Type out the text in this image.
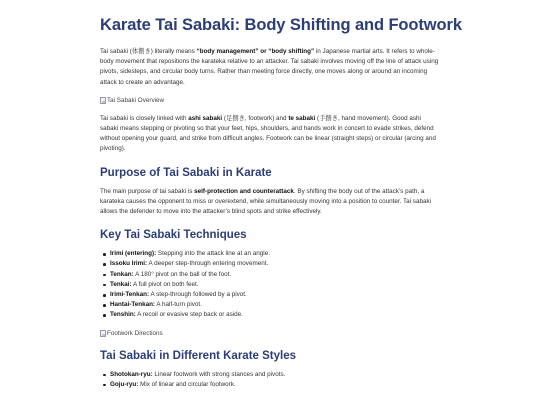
Karate Tai Sabaki: Body Shifting and Footwork

Tai sabaki (体捌き) literally means “body management” or “body shifting” in Japanese martial arts. It refers to whole-body movement that repositions the karateka relative to an attacker. Tai sabaki involves moving off the line of attack using pivots, sidesteps, and circular body turns. Rather than meeting force directly, one moves along or around an incoming attack to create an advantage.

Tai Sabaki Overview

Tai sabaki is closely linked with ashi sabaki (足捌き, footwork) and te sabaki (手捌き, hand movement). Good ashi sabaki means stepping or pivoting so that your feet, hips, shoulders, and hands work in concert to evade strikes, defend without opening your guard, and strike from difficult angles. Footwork can be linear (straight steps) or circular (arcing and pivoting).

Purpose of Tai Sabaki in Karate

The main purpose of tai sabaki is self-protection and counterattack. By shifting the body out of the attack’s path, a karateka causes the opponent to miss or overextend, while simultaneously moving into a position to counter. Tai sabaki allows the defender to move into the attacker’s blind spots and strike effectively.

Key Tai Sabaki Techniques
Irimi (entering): Stepping into the attack line at an angle.
Issoku Irimi: A deeper step-through entering movement.
Tenkan: A 180° pivot on the ball of the foot.
Tenkai: A full pivot on both feet.
Irimi-Tenkan: A step-through followed by a pivot.
Hantai-Tenkan: A half-turn pivot.
Tenshin: A recoil or evasive step back or aside.
Footwork Directions
Tai Sabaki in Different Karate Styles
Shotokan-ryu: Linear footwork with strong stances and pivots.
Goju-ryu: Mix of linear and circular footwork.
